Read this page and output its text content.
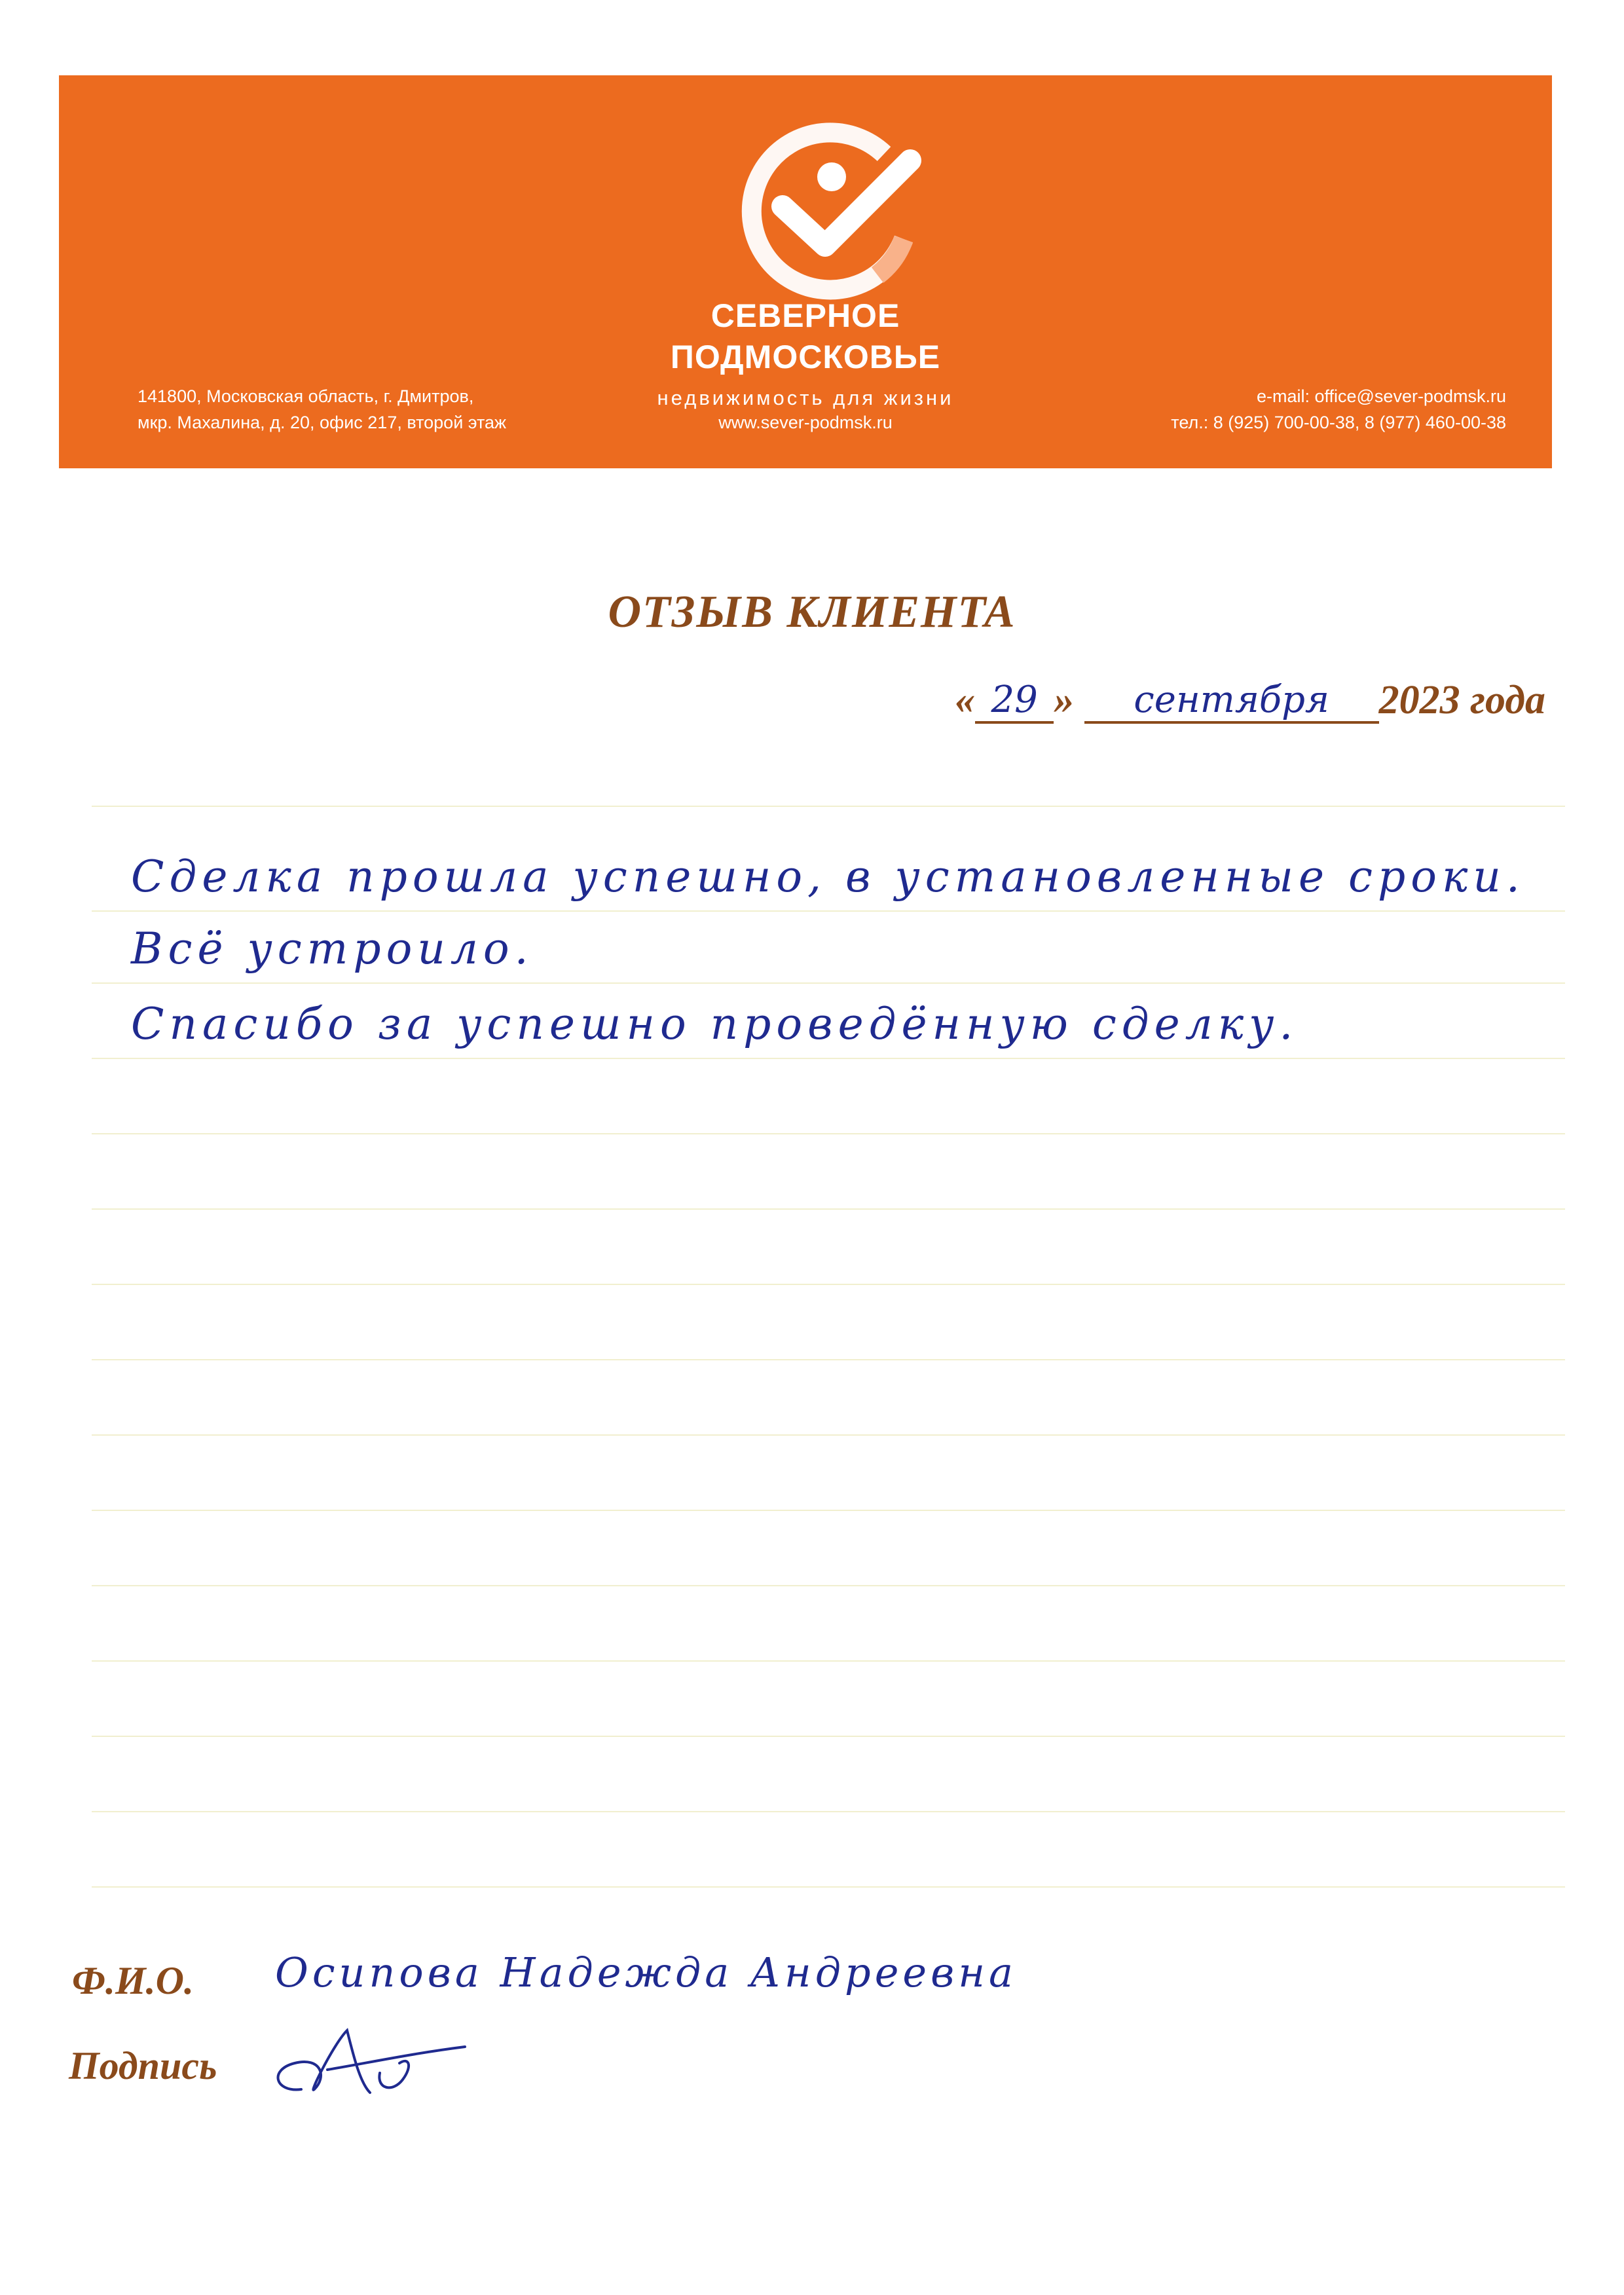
СЕВЕРНОЕ
ПОДМОСКОВЬЕ
недвижимость для жизни
www.sever-podmsk.ru
141800, Московская область, г. Дмитров,
мкр. Махалина, д. 20, офис 217, второй этаж
e-mail: office@sever-podmsk.ru
тел.: 8 (925) 700-00-38, 8 (977) 460-00-38
ОТЗЫВ КЛИЕНТА
« 29 » сентября 2023 года
Сделка прошла успешно, в установленные сроки.
Всё устроило.
Спасибо за успешно проведённую сделку.
Ф.И.О. Осипова Надежда Андреевна
Подпись
